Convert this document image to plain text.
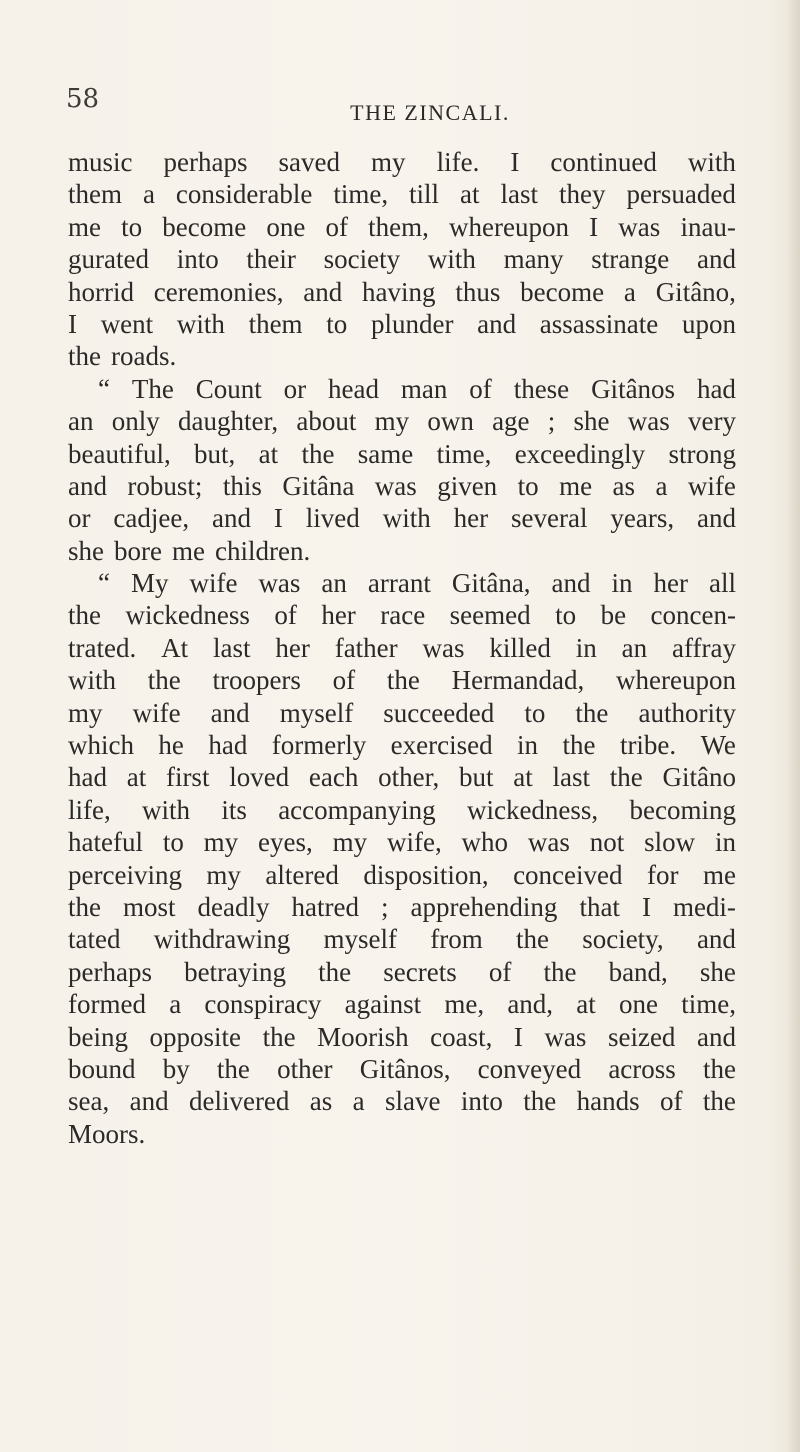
58	THE ZINCALI.
music perhaps saved my life. I continued with
them a considerable time, till at last they persuaded
me to become one of them, whereupon I was inau-
gurated into their society with many strange and
horrid ceremonies, and having thus become a Gitâno,
I went with them to plunder and assassinate upon
the roads.
“ The Count or head man of these Gitânos had
an only daughter, about my own age ; she was very
beautiful, but, at the same time, exceedingly strong
and robust; this Gitâna was given to me as a wife
or cadjee, and I lived with her several years, and
she bore me children.
“ My wife was an arrant Gitâna, and in her all
the wickedness of her race seemed to be concen-
trated. At last her father was killed in an affray
with the troopers of the Hermandad, whereupon
my wife and myself succeeded to the authority
which he had formerly exercised in the tribe. We
had at first loved each other, but at last the Gitâno
life, with its accompanying wickedness, becoming
hateful to my eyes, my wife, who was not slow in
perceiving my altered disposition, conceived for me
the most deadly hatred ; apprehending that I medi-
tated withdrawing myself from the society, and
perhaps betraying the secrets of the band, she
formed a conspiracy against me, and, at one time,
being opposite the Moorish coast, I was seized and
bound by the other Gitânos, conveyed across the
sea, and delivered as a slave into the hands of the
Moors.
